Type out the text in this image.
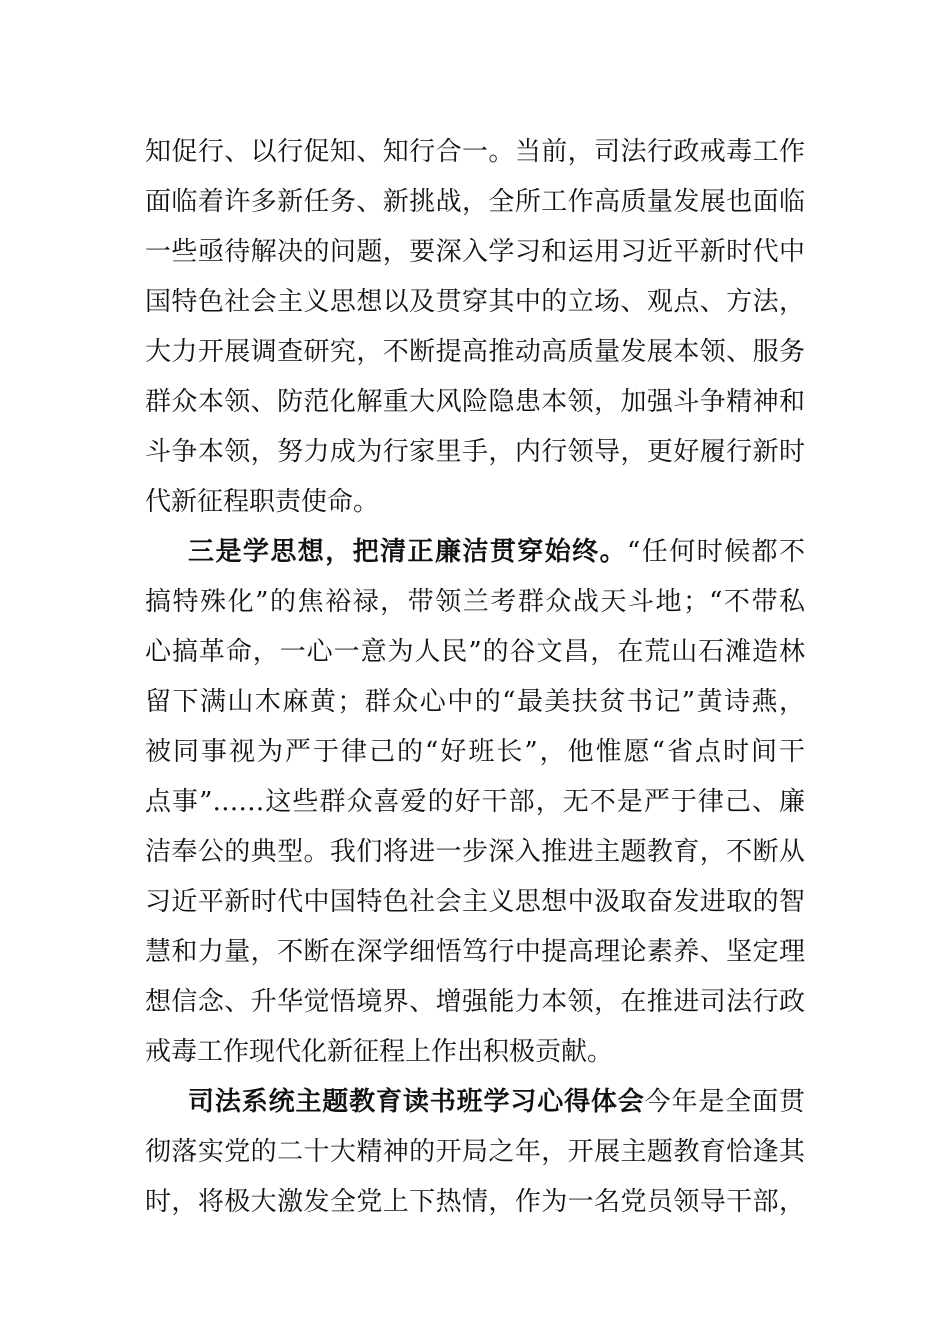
知促行、以行促知、知行合一。当前，司法行政戒毒工作
面临着许多新任务、新挑战，全所工作高质量发展也面临
一些亟待解决的问题，要深入学习和运用习近平新时代中
国特色社会主义思想以及贯穿其中的立场、观点、方法，
大力开展调查研究，不断提高推动高质量发展本领、服务
群众本领、防范化解重大风险隐患本领，加强斗争精神和
斗争本领，努力成为行家里手，内行领导，更好履行新时
代新征程职责使命。
三是学思想，把清正廉洁贯穿始终。“任何时候都不
搞特殊化”的焦裕禄，带领兰考群众战天斗地；“不带私
心搞革命，一心一意为人民”的谷文昌，在荒山石滩造林
留下满山木麻黄；群众心中的“最美扶贫书记”黄诗燕，
被同事视为严于律己的“好班长”，他惟愿“省点时间干
点事”……这些群众喜爱的好干部，无不是严于律己、廉
洁奉公的典型。我们将进一步深入推进主题教育，不断从
习近平新时代中国特色社会主义思想中汲取奋发进取的智
慧和力量，不断在深学细悟笃行中提高理论素养、坚定理
想信念、升华觉悟境界、增强能力本领，在推进司法行政
戒毒工作现代化新征程上作出积极贡献。
司法系统主题教育读书班学习心得体会今年是全面贯
彻落实党的二十大精神的开局之年，开展主题教育恰逢其
时，将极大激发全党上下热情，作为一名党员领导干部，
